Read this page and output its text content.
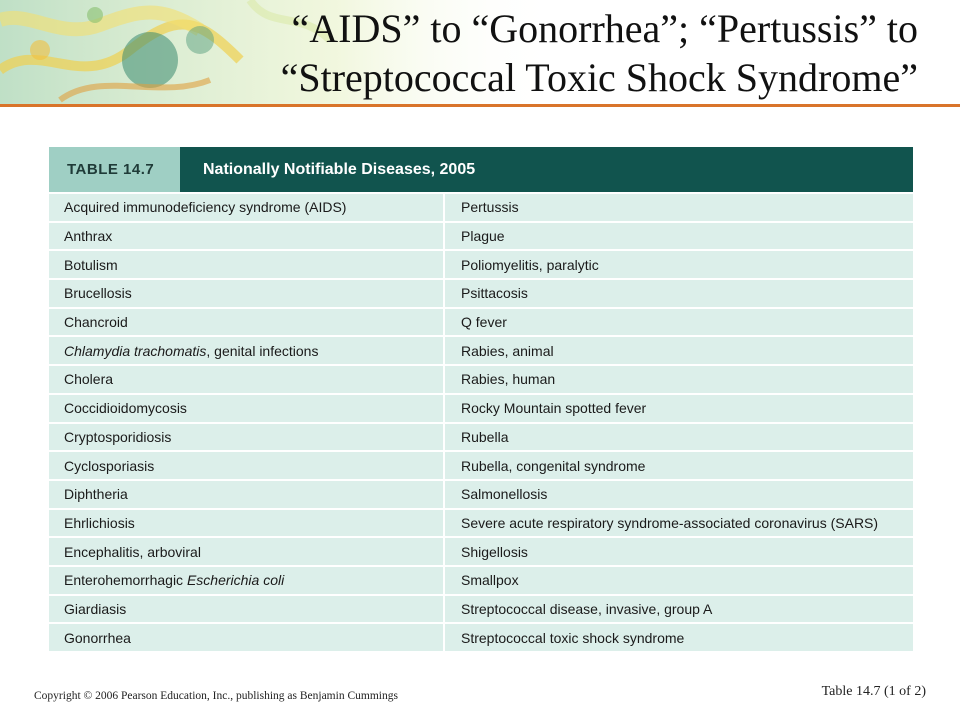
“AIDS” to “Gonorrhea”; “Pertussis” to
“Streptococcal Toxic Shock Syndrome”
TABLE 14.7	Nationally Notifiable Diseases, 2005
Acquired immunodeficiency syndrome (AIDS)	Pertussis
Anthrax	Plague
Botulism	Poliomyelitis, paralytic
Brucellosis	Psittacosis
Chancroid	Q fever
Chlamydia trachomatis , genital infections	Rabies, animal
Cholera	Rabies, human
Coccidioidomycosis	Rocky Mountain spotted fever
Cryptosporidiosis	Rubella
Cyclosporiasis	Rubella, congenital syndrome
Diphtheria	Salmonellosis
Ehrlichiosis	Severe acute respiratory syndrome-associated coronavirus (SARS)
Encephalitis, arboviral	Shigellosis
Enterohemorrhagic Escherichia coli	Smallpox
Giardiasis	Streptococcal disease, invasive, group A
Gonorrhea	Streptococcal toxic shock syndrome
Copyright © 2006 Pearson Education, Inc., publishing as Benjamin Cummings	Table 14.7 (1 of 2)
